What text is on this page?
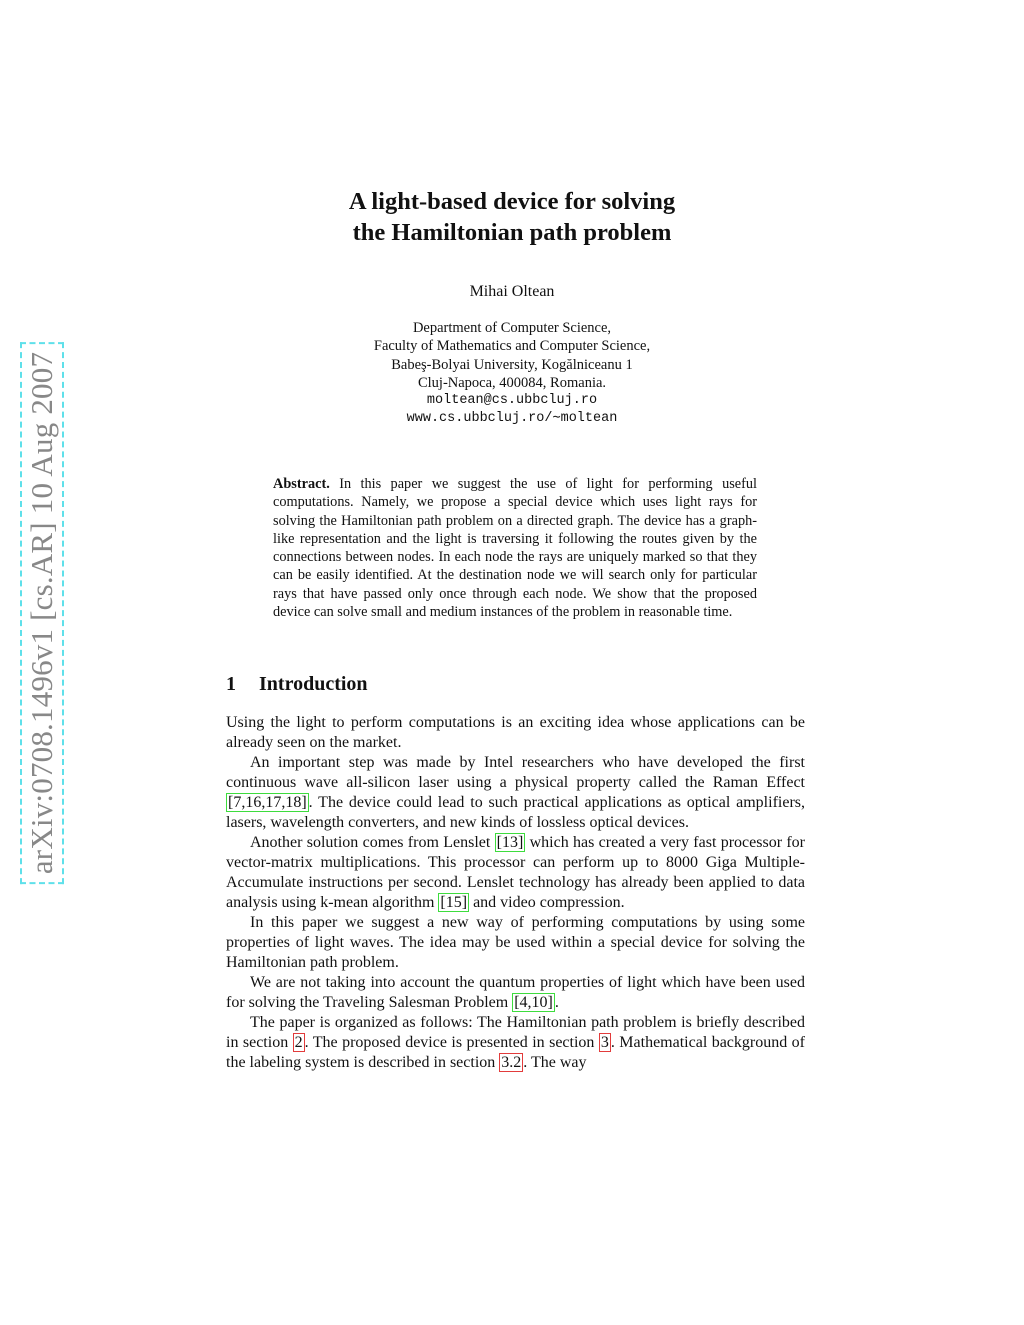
arXiv:0708.1496v1 [cs.AR] 10 Aug 2007
A light-based device for solving
the Hamiltonian path problem
Mihai Oltean
Department of Computer Science,
Faculty of Mathematics and Computer Science,
Babeş-Bolyai University, Kogălniceanu 1
Cluj-Napoca, 400084, Romania.
moltean@cs.ubbcluj.ro
www.cs.ubbcluj.ro/∼moltean
Abstract. In this paper we suggest the use of light for performing useful computations. Namely, we propose a special device which uses light rays for solving the Hamiltonian path problem on a directed graph. The device has a graph-like representation and the light is traversing it following the routes given by the connections between nodes. In each node the rays are uniquely marked so that they can be easily identified. At the destination node we will search only for particular rays that have passed only once through each node. We show that the proposed device can solve small and medium instances of the problem in reasonable time.
1 Introduction

Using the light to perform computations is an exciting idea whose applications can be already seen on the market.

An important step was made by Intel researchers who have developed the first continuous wave all-silicon laser using a physical property called the Raman Effect [7,16,17,18] . The device could lead to such practical applications as optical amplifiers, lasers, wavelength converters, and new kinds of lossless optical devices.

Another solution comes from Lenslet [13] which has created a very fast processor for vector-matrix multiplications. This processor can perform up to 8000 Giga Multiple-Accumulate instructions per second. Lenslet technology has already been applied to data analysis using k-mean algorithm [15] and video compression.

In this paper we suggest a new way of performing computations by using some properties of light waves. The idea may be used within a special device for solving the Hamiltonian path problem.

We are not taking into account the quantum properties of light which have been used for solving the Traveling Salesman Problem [4,10] .

The paper is organized as follows: The Hamiltonian path problem is briefly described in section 2 . The proposed device is presented in section 3 . Mathematical background of the labeling system is described in section 3.2 . The way
